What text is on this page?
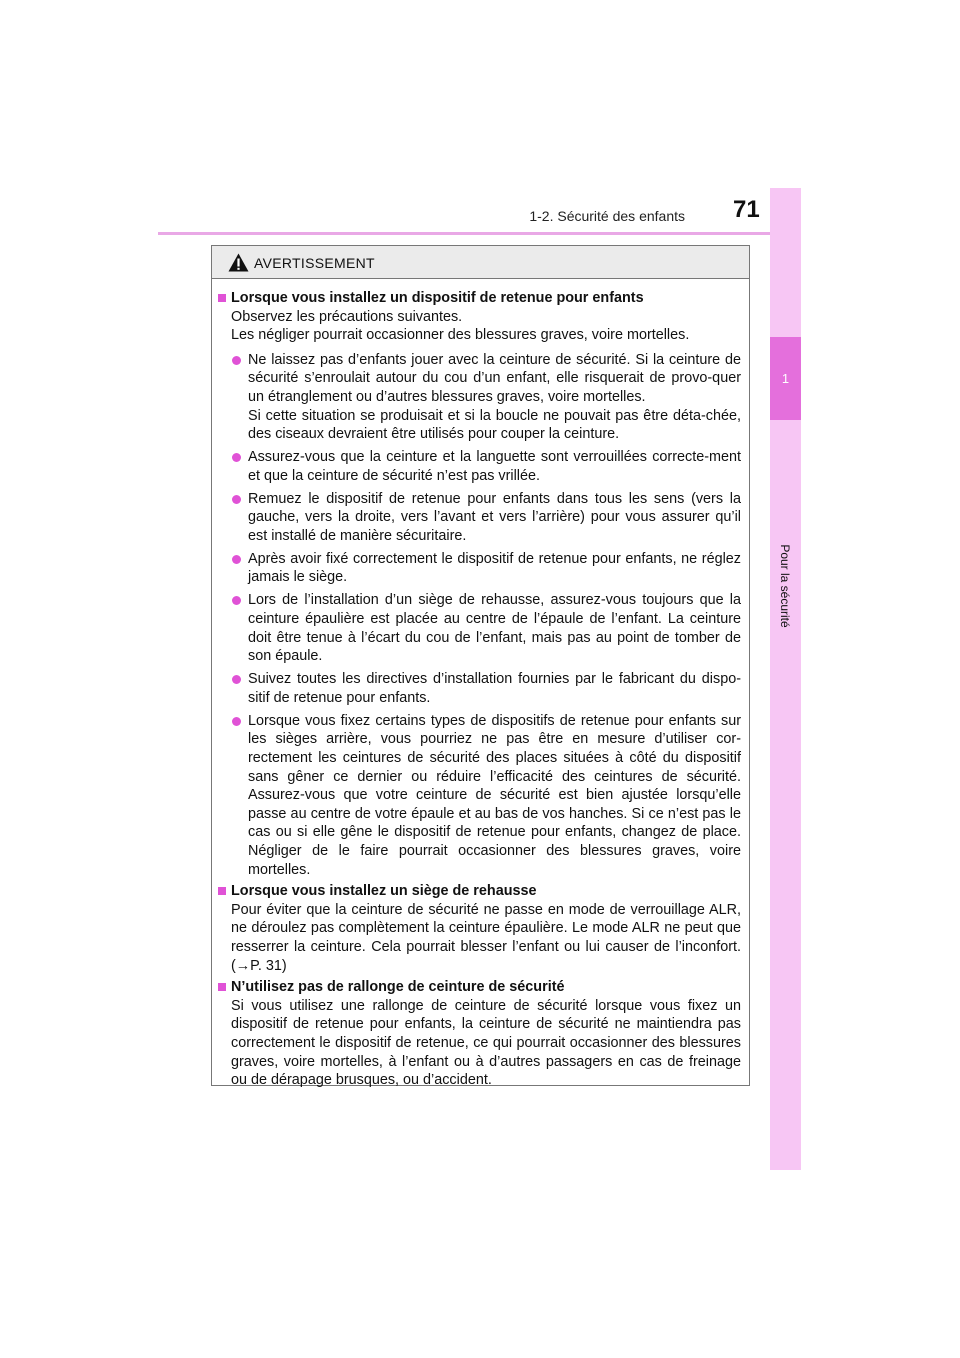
1-2. Sécurité des enfants 71
1
Pour la sécurité
AVERTISSEMENT
Lorsque vous installez un dispositif de retenue pour enfants
Observez les précautions suivantes.
Les négliger pourrait occasionner des blessures graves, voire mortelles.
Ne laissez pas d’enfants jouer avec la ceinture de sécurité. Si la ceinture de sécurité s’enroulait autour du cou d’un enfant, elle risquerait de provo-quer un étranglement ou d’autres blessures graves, voire mortelles.
Si cette situation se produisait et si la boucle ne pouvait pas être déta-chée, des ciseaux devraient être utilisés pour couper la ceinture.
Assurez-vous que la ceinture et la languette sont verrouillées correcte-ment et que la ceinture de sécurité n’est pas vrillée.
Remuez le dispositif de retenue pour enfants dans tous les sens (vers la gauche, vers la droite, vers l’avant et vers l’arrière) pour vous assurer qu’il est installé de manière sécuritaire.
Après avoir fixé correctement le dispositif de retenue pour enfants, ne réglez jamais le siège.
Lors de l’installation d’un siège de rehausse, assurez-vous toujours que la ceinture épaulière est placée au centre de l’épaule de l’enfant. La ceinture doit être tenue à l’écart du cou de l’enfant, mais pas au point de tomber de son épaule.
Suivez toutes les directives d’installation fournies par le fabricant du dispo-sitif de retenue pour enfants.
Lorsque vous fixez certains types de dispositifs de retenue pour enfants sur les sièges arrière, vous pourriez ne pas être en mesure d’utiliser cor-rectement les ceintures de sécurité des places situées à côté du dispositif sans gêner ce dernier ou réduire l’efficacité des ceintures de sécurité. Assurez-vous que votre ceinture de sécurité est bien ajustée lorsqu’elle passe au centre de votre épaule et au bas de vos hanches. Si ce n’est pas le cas ou si elle gêne le dispositif de retenue pour enfants, changez de place. Négliger de le faire pourrait occasionner des blessures graves, voire mortelles.
Lorsque vous installez un siège de rehausse
Pour éviter que la ceinture de sécurité ne passe en mode de verrouillage ALR, ne déroulez pas complètement la ceinture épaulière. Le mode ALR ne peut que resserrer la ceinture. Cela pourrait blesser l’enfant ou lui causer de l’inconfort. (→P. 31)
N’utilisez pas de rallonge de ceinture de sécurité
Si vous utilisez une rallonge de ceinture de sécurité lorsque vous fixez un dispositif de retenue pour enfants, la ceinture de sécurité ne maintiendra pas correctement le dispositif de retenue, ce qui pourrait occasionner des blessures graves, voire mortelles, à l’enfant ou à d’autres passagers en cas de freinage ou de dérapage brusques, ou d’accident.
